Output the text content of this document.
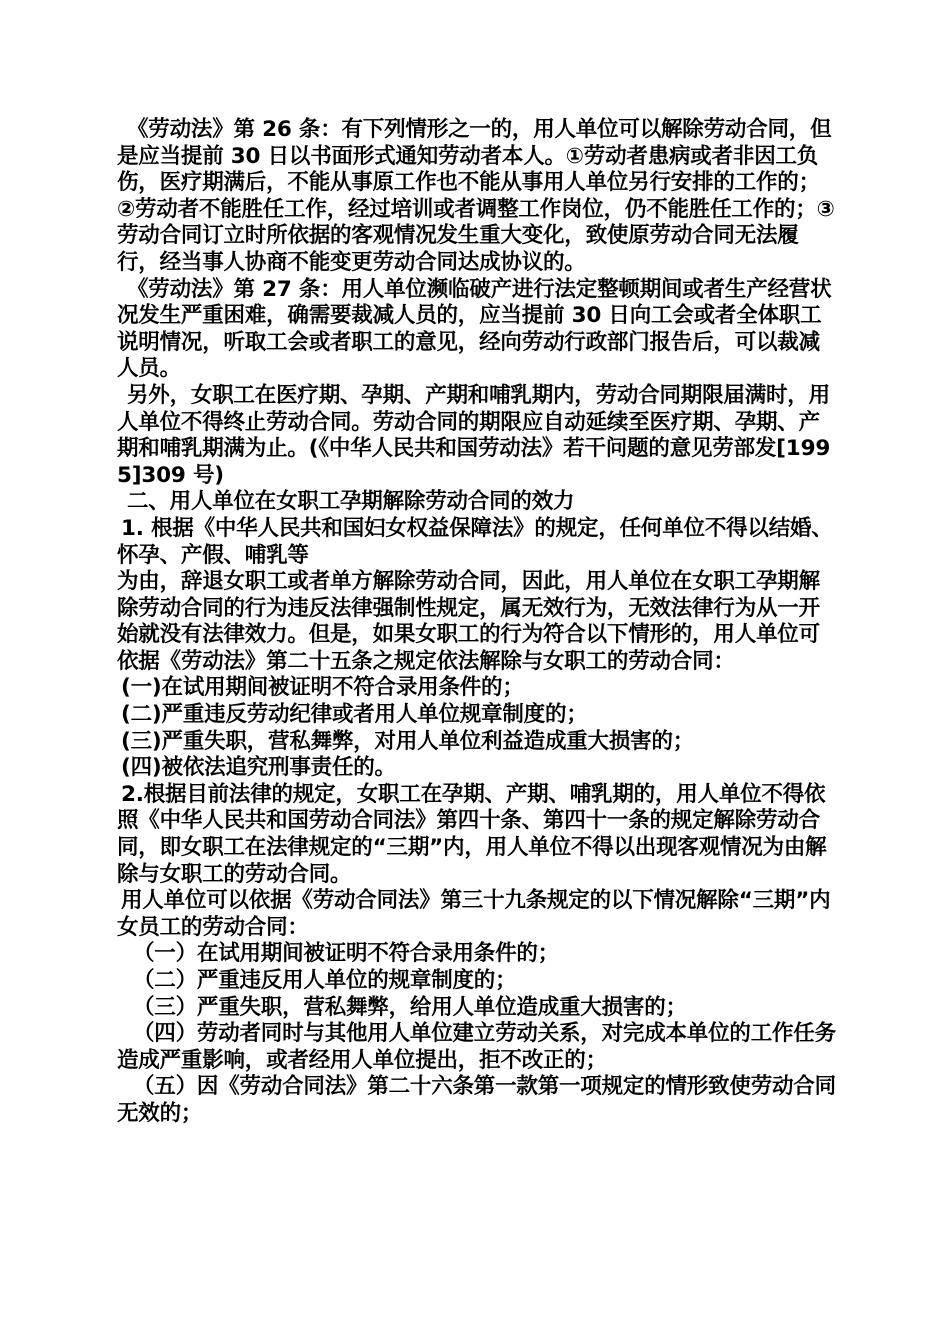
《劳动法》第 26 条：有下列情形之一的，用人单位可以解除劳动合同，但是应当提前 30 日以书面形式通知劳动者本人。①劳动者患病或者非因工负伤，医疗期满后，不能从事原工作也不能从事用人单位另行安排的工作的；②劳动者不能胜任工作，经过培训或者调整工作岗位，仍不能胜任工作的；③劳动合同订立时所依据的客观情况发生重大变化，致使原劳动合同无法履行，经当事人协商不能变更劳动合同达成协议的。

《劳动法》第 27 条：用人单位濒临破产进行法定整顿期间或者生产经营状况发生严重困难，确需要裁减人员的，应当提前 30 日向工会或者全体职工说明情况，听取工会或者职工的意见，经向劳动行政部门报告后，可以裁减人员。

另外，女职工在医疗期、孕期、产期和哺乳期内，劳动合同期限届满时，用人单位不得终止劳动合同。劳动合同的期限应自动延续至医疗期、孕期、产期和哺乳期满为止。(《中华人民共和国劳动法》若干问题的意见劳部发[1995]309 号)

二、用人单位在女职工孕期解除劳动合同的效力

1. 根据《中华人民共和国妇女权益保障法》的规定，任何单位不得以结婚、怀孕、产假、哺乳等

为由，辞退女职工或者单方解除劳动合同，因此，用人单位在女职工孕期解除劳动合同的行为违反法律强制性规定，属无效行为，无效法律行为从一开始就没有法律效力。但是，如果女职工的行为符合以下情形的，用人单位可依据《劳动法》第二十五条之规定依法解除与女职工的劳动合同：

(一)在试用期间被证明不符合录用条件的；

(二)严重违反劳动纪律或者用人单位规章制度的；

(三)严重失职，营私舞弊，对用人单位利益造成重大损害的；

(四)被依法追究刑事责任的。

2.根据目前法律的规定，女职工在孕期、产期、哺乳期的，用人单位不得依照《中华人民共和国劳动合同法》第四十条、第四十一条的规定解除劳动合同，即女职工在法律规定的“三期”内，用人单位不得以出现客观情况为由解除与女职工的劳动合同。

用人单位可以依据《劳动合同法》第三十九条规定的以下情况解除“三期”内女员工的劳动合同：

（一）在试用期间被证明不符合录用条件的；

（二）严重违反用人单位的规章制度的；

（三）严重失职，营私舞弊，给用人单位造成重大损害的；

（四）劳动者同时与其他用人单位建立劳动关系，对完成本单位的工作任务造成严重影响，或者经用人单位提出，拒不改正的；

（五）因《劳动合同法》第二十六条第一款第一项规定的情形致使劳动合同无效的；
